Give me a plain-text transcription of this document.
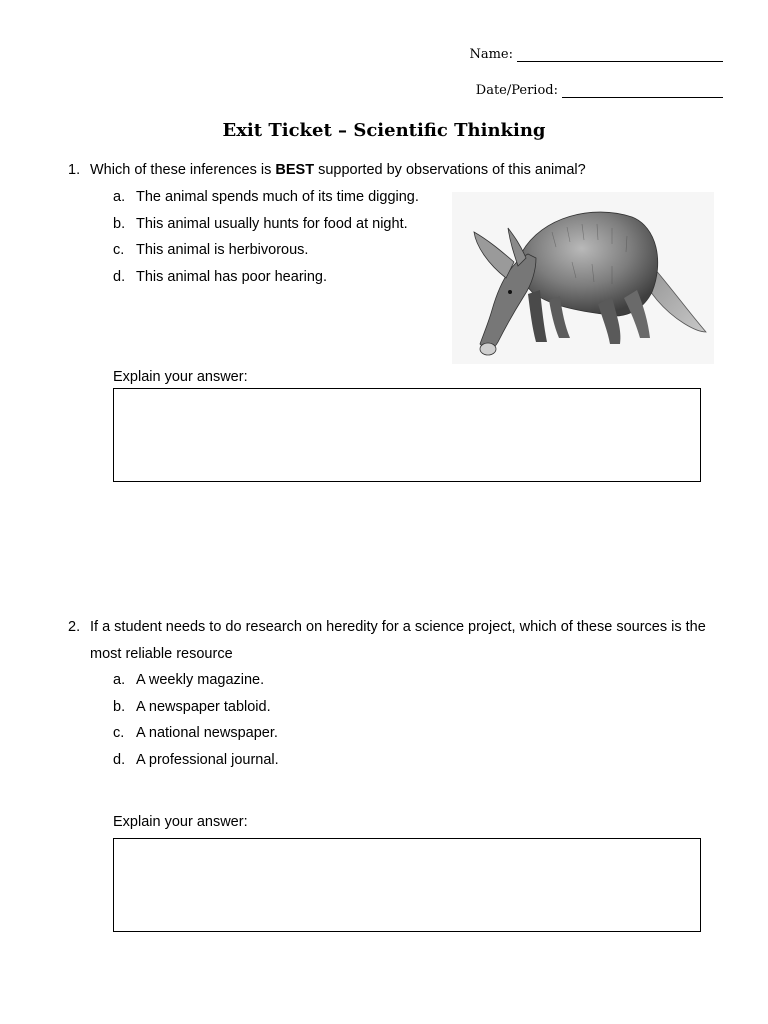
Name:
Date/Period:
Exit Ticket – Scientific Thinking
1. Which of these inferences is BEST supported by observations of this animal?
a. The animal spends much of its time digging.
b. This animal usually hunts for food at night.
c. This animal is herbivorous.
d. This animal has poor hearing.
Explain your answer:
2. If a student needs to do research on heredity for a science project, which of these sources is the most reliable resource
a. A weekly magazine.
b. A newspaper tabloid.
c. A national newspaper.
d. A professional journal.
Explain your answer:
